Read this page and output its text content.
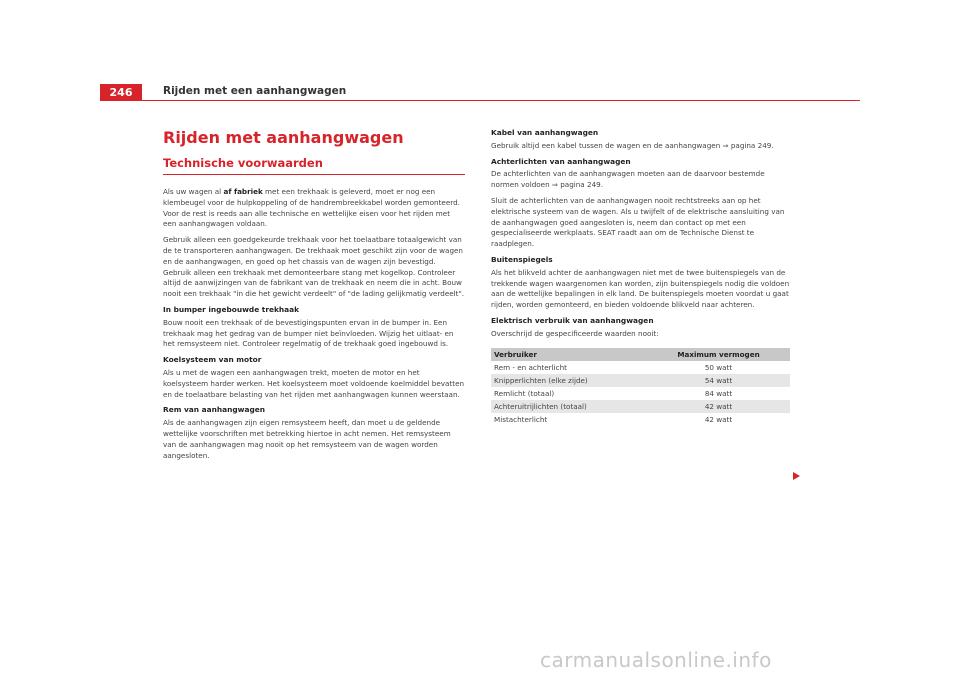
246	Rijden met een aanhangwagen
Rijden met aanhangwagen
Technische voorwaarden

Als uw wagen al af fabriek met een trekhaak is geleverd, moet er nog een klembeugel voor de hulpkoppeling of de handrembreekkabel worden gemonteerd. Voor de rest is reeds aan alle technische en wettelijke eisen voor het rijden met een aanhangwagen voldaan.

Gebruik alleen een goedgekeurde trekhaak voor het toelaatbare totaalgewicht van de te transporteren aanhangwagen. De trekhaak moet geschikt zijn voor de wagen en de aanhangwagen, en goed op het chassis van de wagen zijn bevestigd. Gebruik alleen een trekhaak met demonteerbare stang met kogelkop. Controleer altijd de aanwijzingen van de fabrikant van de trekhaak en neem die in acht. Bouw nooit een trekhaak "in die het gewicht verdeelt" of "de lading gelijkmatig verdeelt".

In bumper ingebouwde trekhaak

Bouw nooit een trekhaak of de bevestigingspunten ervan in de bumper in. Een trekhaak mag het gedrag van de bumper niet beïnvloeden. Wijzig het uitlaat- en het remsysteem niet. Controleer regelmatig of de trekhaak goed ingebouwd is.

Koelsysteem van motor

Als u met de wagen een aanhangwagen trekt, moeten de motor en het koelsysteem harder werken. Het koelsysteem moet voldoende koelmiddel bevatten en de toelaatbare belasting van het rijden met aanhangwagen kunnen weerstaan.

Rem van aanhangwagen

Als de aanhangwagen zijn eigen remsysteem heeft, dan moet u de geldende wettelijke voorschriften met betrekking hiertoe in acht nemen. Het remsysteem van de aanhangwagen mag nooit op het remsysteem van de wagen worden aangesloten.

Kabel van aanhangwagen

Gebruik altijd een kabel tussen de wagen en de aanhangwagen ⇒ pagina 249.

Achterlichten van aanhangwagen

De achterlichten van de aanhangwagen moeten aan de daarvoor bestemde normen voldoen ⇒ pagina 249.

Sluit de achterlichten van de aanhangwagen nooit rechtstreeks aan op het elektrische systeem van de wagen. Als u twijfelt of de elektrische aansluiting van de aanhangwagen goed aangesloten is, neem dan contact op met een gespecialiseerde werkplaats. SEAT raadt aan om de Technische Dienst te raadplegen.

Buitenspiegels

Als het blikveld achter de aanhangwagen niet met de twee buitenspiegels van de trekkende wagen waargenomen kan worden, zijn buitenspiegels nodig die voldoen aan de wettelijke bepalingen in elk land. De buitenspiegels moeten voordat u gaat rijden, worden gemonteerd, en bieden voldoende blikveld naar achteren.

Elektrisch verbruik van aanhangwagen

Overschrijd de gespecificeerde waarden nooit:

Verbruiker	Maximum vermogen
Rem - en achterlicht	50 watt
Knipperlichten (elke zijde)	54 watt
Remlicht (totaal)	84 watt
Achteruitrijlichten (totaal)	42 watt
Mistachterlicht	42 watt
carmanualsonline.info
